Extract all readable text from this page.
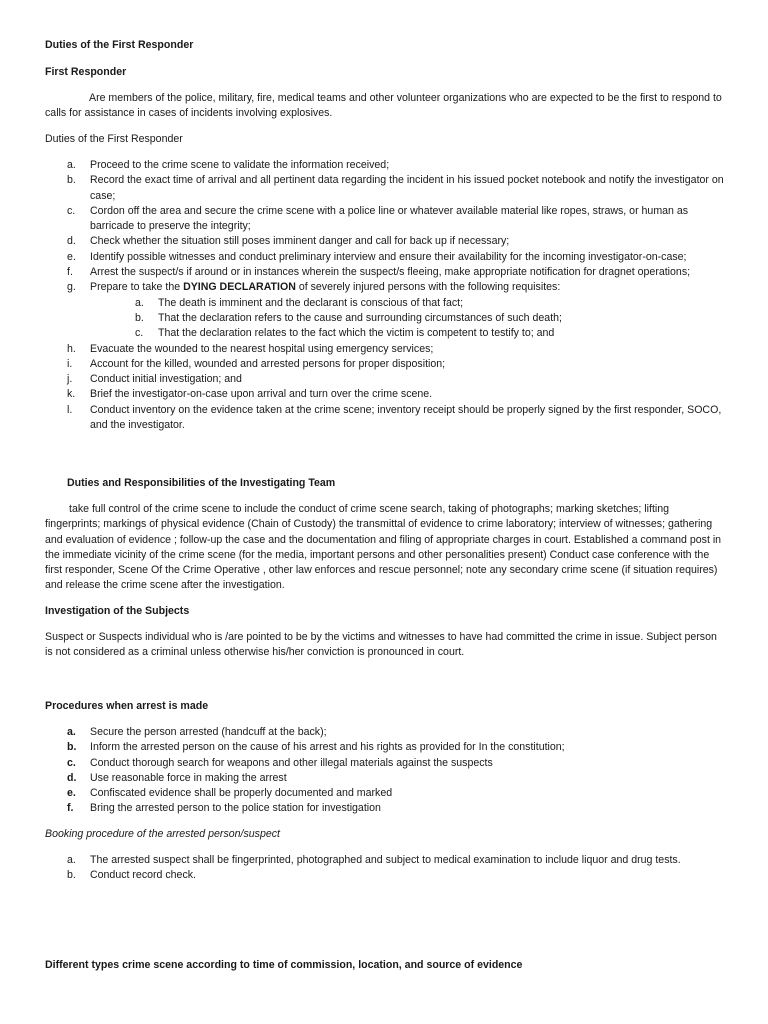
Duties of the First Responder

First Responder

Are members of the police, military, fire, medical teams and other volunteer organizations who are expected to be the first to respond to calls for assistance in cases of incidents involving explosives.

Duties of the First Responder

a. Proceed to the crime scene to validate the information received;
b. Record the exact time of arrival and all pertinent data regarding the incident in his issued pocket notebook and notify the investigator on case;
c. Cordon off the area and secure the crime scene with a police line or whatever available material like ropes, straws, or human as barricade to preserve the integrity;
d. Check whether the situation still poses imminent danger and call for back up if necessary;
e. Identify possible witnesses and conduct preliminary interview and ensure their availability for the incoming investigator-on-case;
f. Arrest the suspect/s if around or in instances wherein the suspect/s fleeing, make appropriate notification for dragnet operations;
g. Prepare to take the DYING DECLARATION of severely injured persons with the following requisites:
a. The death is imminent and the declarant is conscious of that fact;
b. That the declaration refers to the cause and surrounding circumstances of such death;
c. That the declaration relates to the fact which the victim is competent to testify to; and
h. Evacuate the wounded to the nearest hospital using emergency services;
i. Account for the killed, wounded and arrested persons for proper disposition;
j. Conduct initial investigation; and
k. Brief the investigator-on-case upon arrival and turn over the crime scene.
l. Conduct inventory on the evidence taken at the crime scene; inventory receipt should be properly signed by the first responder, SOCO, and the investigator.

Duties and Responsibilities of the Investigating Team

take full control of the crime scene to include the conduct of crime scene search, taking of photographs; marking sketches; lifting fingerprints; markings of physical evidence (Chain of Custody) the transmittal of evidence to crime laboratory; interview of witnesses; gathering and evaluation of evidence ; follow-up the case and the documentation and filing of appropriate charges in court. Established a command post in the immediate vicinity of the crime scene (for the media, important persons and other personalities present) Conduct case conference with the first responder, Scene Of the Crime Operative , other law enforces and rescue personnel; note any secondary crime scene (if situation requires) and release the crime scene after the investigation.

Investigation of the Subjects

Suspect or Suspects individual who is /are pointed to be by the victims and witnesses to have had committed the crime in issue. Subject person is not considered as a criminal unless otherwise his/her conviction is pronounced in court.

Procedures when arrest is made

a. Secure the person arrested (handcuff at the back);
b. Inform the arrested person on the cause of his arrest and his rights as provided for In the constitution;
c. Conduct thorough search for weapons and other illegal materials against the suspects
d. Use reasonable force in making the arrest
e. Confiscated evidence shall be properly documented and marked
f. Bring the arrested person to the police station for investigation

Booking procedure of the arrested person/suspect

a. The arrested suspect shall be fingerprinted, photographed and subject to medical examination to include liquor and drug tests.
b. Conduct record check.

Different types crime scene according to time of commission, location, and source of evidence
